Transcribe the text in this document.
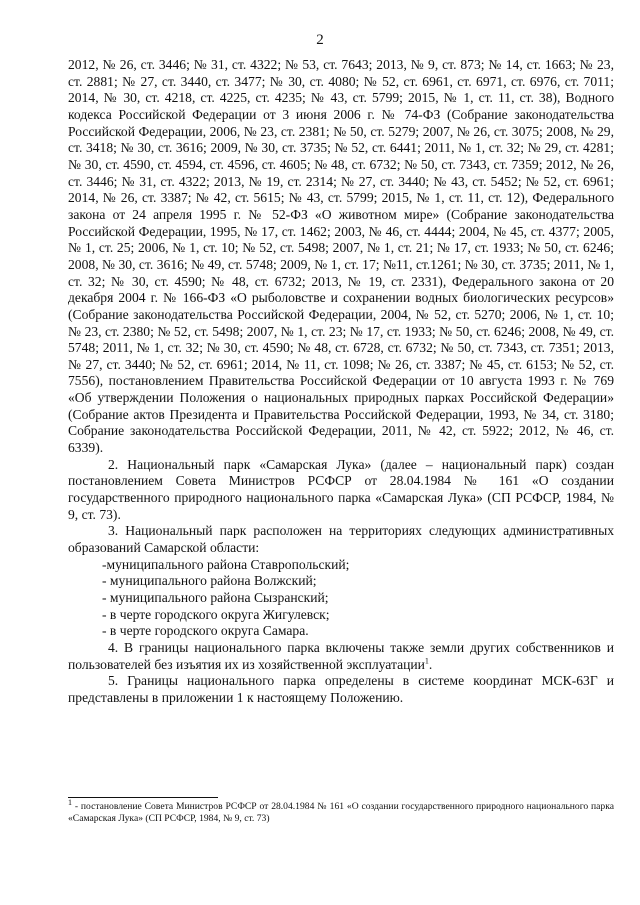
2

2012, № 26, ст. 3446; № 31, ст. 4322; № 53, ст. 7643; 2013, № 9, ст. 873; № 14, ст. 1663; № 23, ст. 2881; № 27, ст. 3440, ст. 3477; № 30, ст. 4080; № 52, ст. 6961, ст. 6971, ст. 6976, ст. 7011; 2014, № 30, ст. 4218, ст. 4225, ст. 4235; № 43, ст. 5799; 2015, № 1, ст. 11, ст. 38), Водного кодекса Российской Федерации от 3 июня 2006 г. № 74-ФЗ (Собрание законодательства Российской Федерации, 2006, № 23, ст. 2381; № 50, ст. 5279; 2007, № 26, ст. 3075; 2008, № 29, ст. 3418; № 30, ст. 3616; 2009, № 30, ст. 3735; № 52, ст. 6441; 2011, № 1, ст. 32; № 29, ст. 4281; № 30, ст. 4590, ст. 4594, ст. 4596, ст. 4605; № 48, ст. 6732; № 50, ст. 7343, ст. 7359; 2012, № 26, ст. 3446; № 31, ст. 4322; 2013, № 19, ст. 2314; № 27, ст. 3440; № 43, ст. 5452; № 52, ст. 6961; 2014, № 26, ст. 3387; № 42, ст. 5615; № 43, ст. 5799; 2015, № 1, ст. 11, ст. 12), Федерального закона от 24 апреля 1995 г. № 52-ФЗ «О животном мире» (Собрание законодательства Российской Федерации, 1995, № 17, ст. 1462; 2003, № 46, ст. 4444; 2004, № 45, ст. 4377; 2005, № 1, ст. 25; 2006, № 1, ст. 10; № 52, ст. 5498; 2007, № 1, ст. 21; № 17, ст. 1933; № 50, ст. 6246; 2008, № 30, ст. 3616; № 49, ст. 5748; 2009, № 1, ст. 17; №11, ст.1261; № 30, ст. 3735; 2011, № 1, ст. 32; № 30, ст. 4590; № 48, ст. 6732; 2013, № 19, ст. 2331), Федерального закона от 20 декабря 2004 г. № 166-ФЗ «О рыболовстве и сохранении водных биологических ресурсов» (Собрание законодательства Российской Федерации, 2004, № 52, ст. 5270; 2006, № 1, ст. 10; № 23, ст. 2380; № 52, ст. 5498; 2007, № 1, ст. 23; № 17, ст. 1933; № 50, ст. 6246; 2008, № 49, ст. 5748; 2011, № 1, ст. 32; № 30, ст. 4590; № 48, ст. 6728, ст. 6732; № 50, ст. 7343, ст. 7351; 2013, № 27, ст. 3440; № 52, ст. 6961; 2014, № 11, ст. 1098; № 26, ст. 3387; № 45, ст. 6153; № 52, ст. 7556), постановлением Правительства Российской Федерации от 10 августа 1993 г. № 769 «Об утверждении Положения о национальных природных парках Российской Федерации» (Собрание актов Президента и Правительства Российской Федерации, 1993, № 34, ст. 3180; Собрание законодательства Российской Федерации, 2011, № 42, ст. 5922; 2012, № 46, ст. 6339).

2. Национальный парк «Самарская Лука» (далее – национальный парк) создан постановлением Совета Министров РСФСР от 28.04.1984 № 161 «О создании государственного природного национального парка «Самарская Лука» (СП РСФСР, 1984, № 9, ст. 73).

3. Национальный парк расположен на территориях следующих административных образований Самарской области:

-муниципального района Ставропольский;

- муниципального района Волжский;

- муниципального района Сызранский;

- в черте городского округа Жигулевск;

- в черте городского округа Самара.

4. В границы национального парка включены также земли других собственников и пользователей без изъятия их из хозяйственной эксплуатации$^1$.

5. Границы национального парка определены в системе координат МСК-63Г и представлены в приложении 1 к настоящему Положению.

$^1$ - постановление Совета Министров РСФСР от 28.04.1984 № 161 «О создании государственного природного национального парка «Самарская Лука» (СП РСФСР, 1984, № 9, ст. 73)
